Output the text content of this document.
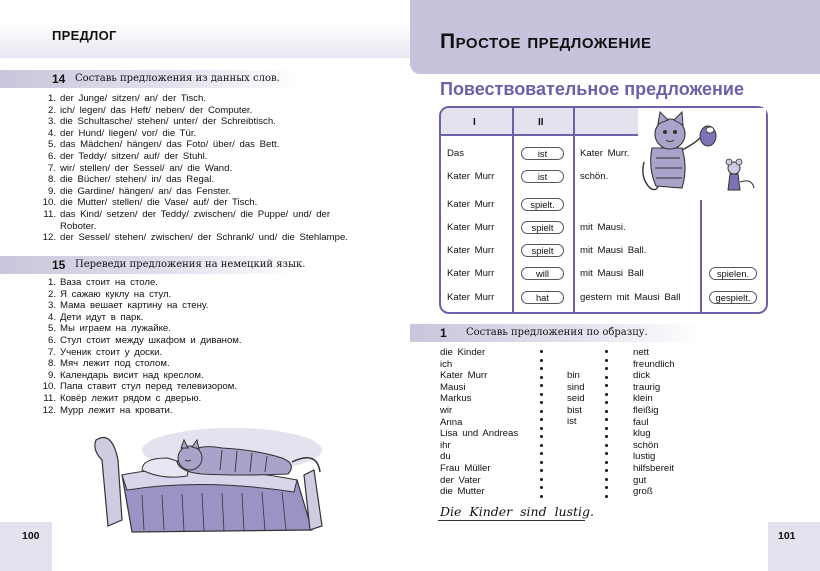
ПРЕДЛОГ
14 Составь предложения из данных слов.
1. der Junge/ sitzen/ an/ der Tisch.
2. ich/ legen/ das Heft/ neben/ der Computer.
3. die Schultasche/ stehen/ unter/ der Schreibtisch.
4. der Hund/ liegen/ vor/ die Tür.
5. das Mädchen/ hängen/ das Foto/ über/ das Bett.
6. der Teddy/ sitzen/ auf/ der Stuhl.
7. wir/ stellen/ der Sessel/ an/ die Wand.
8. die Bücher/ stehen/ in/ das Regal.
9. die Gardine/ hängen/ an/ das Fenster.
10. die Mutter/ stellen/ die Vase/ auf/ der Tisch.
11. das Kind/ setzen/ der Teddy/ zwischen/ die Puppe/ und/ der
Roboter.
12. der Sessel/ stehen/ zwischen/ der Schrank/ und/ die Stehlampe.
15 Переведи предложения на немецкий язык.
1. Ваза стоит на столе.
2. Я сажаю куклу на стул.
3. Мама вешает картину на стену.
4. Дети идут в парк.
5. Мы играем на лужайке.
6. Стул стоит между шкафом и диваном.
7. Ученик стоит у доски.
8. Мяч лежит под столом.
9. Календарь висит над креслом.
10. Папа ставит стул перед телевизором.
11. Ковёр лежит рядом с дверью.
12. Мурр лежит на кровати.
100
Простое предложение
Повествовательное предложение
I	II
Das	ist	Kater Murr.
Kater Murr	ist	schön.
Kater Murr	spielt.
Kater Murr	spielt	mit Mausi.
Kater Murr	spielt	mit Mausi Ball.
Kater Murr	will	mit Mausi Ball	spielen.
Kater Murr	hat	gestern mit Mausi Ball	gespielt.
1 Составь предложения по образцу.
die Kinder
ich
Kater Murr
Mausi
Markus
wir
Anna
Lisa und Andreas
ihr
du
Frau Müller
der Vater
die Mutter
bin
sind
seid
bist
ist
nett
freundlich
dick
traurig
klein
fleißig
faul
klug
schön
lustig
hilfsbereit
gut
groß
Die Kinder sind lustig.
101
